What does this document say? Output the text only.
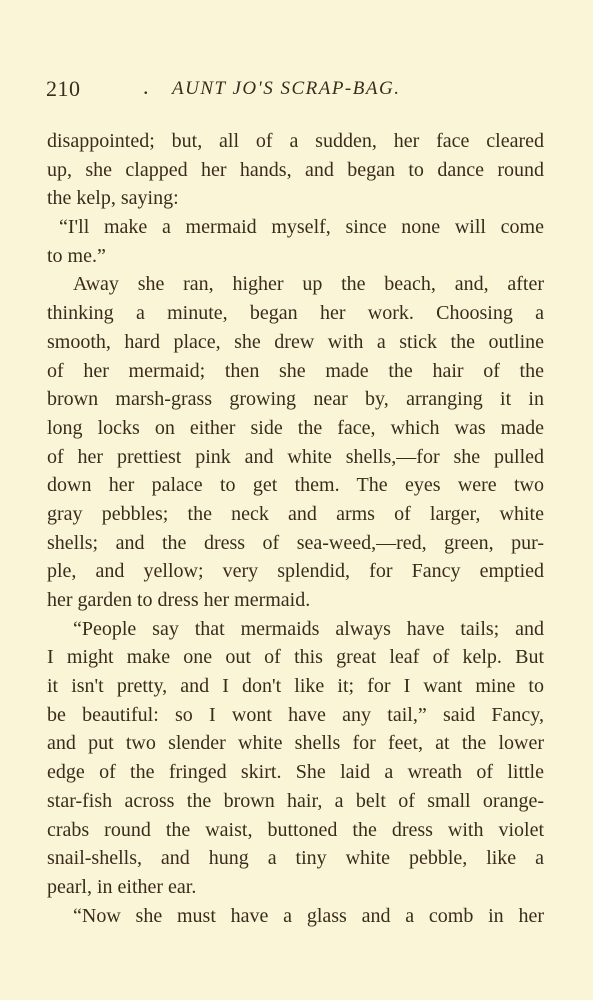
210	. AUNT JO'S SCRAP-BAG.
disappointed; but, all of a sudden, her face cleared
up, she clapped her hands, and began to dance round
the kelp, saying:
“I'll make a mermaid myself, since none will come
to me.”
Away she ran, higher up the beach, and, after
thinking a minute, began her work. Choosing a
smooth, hard place, she drew with a stick the outline
of her mermaid; then she made the hair of the
brown marsh-grass growing near by, arranging it in
long locks on either side the face, which was made
of her prettiest pink and white shells,—for she pulled
down her palace to get them. The eyes were two
gray pebbles; the neck and arms of larger, white
shells; and the dress of sea-weed,—red, green, pur-
ple, and yellow; very splendid, for Fancy emptied
her garden to dress her mermaid.
“People say that mermaids always have tails; and
I might make one out of this great leaf of kelp. But
it isn't pretty, and I don't like it; for I want mine to
be beautiful: so I wont have any tail,” said Fancy,
and put two slender white shells for feet, at the lower
edge of the fringed skirt. She laid a wreath of little
star-fish across the brown hair, a belt of small orange-
crabs round the waist, buttoned the dress with violet
snail-shells, and hung a tiny white pebble, like a
pearl, in either ear.
“Now she must have a glass and a comb in her
